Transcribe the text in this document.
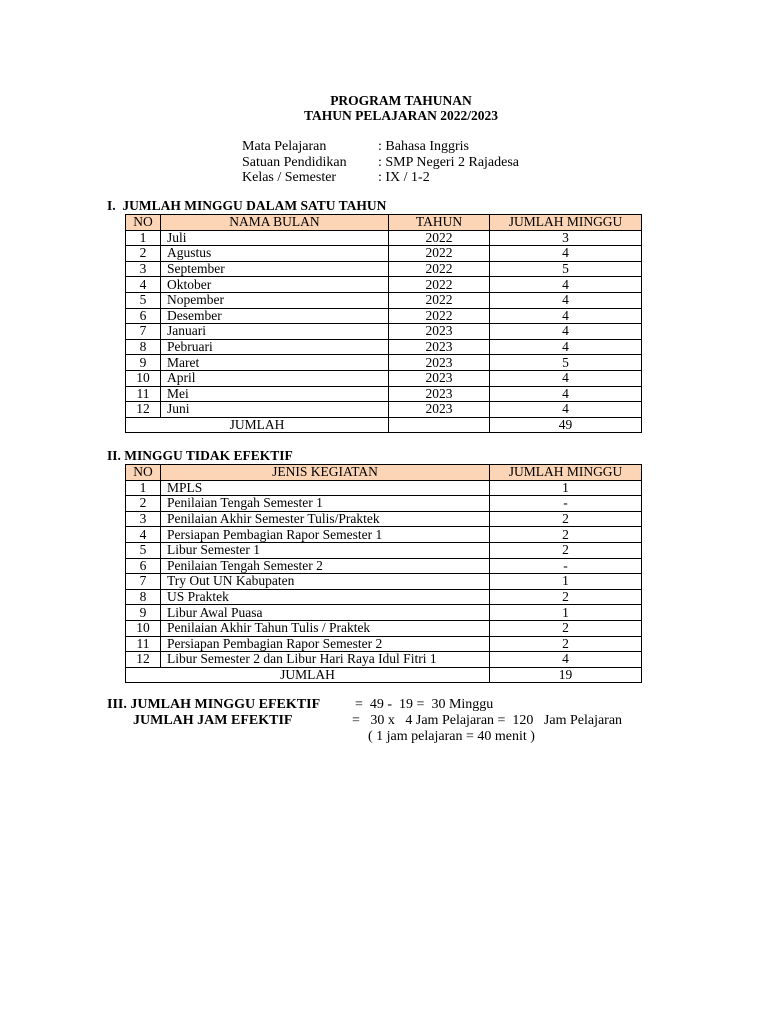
PROGRAM TAHUNAN
TAHUN PELAJARAN 2022/2023
Mata Pelajaran	: Bahasa Inggris
Satuan Pendidikan	: SMP Negeri 2 Rajadesa
Kelas / Semester	: IX / 1-2
I.  JUMLAH MINGGU DALAM SATU TAHUN
NO	NAMA BULAN	TAHUN	JUMLAH MINGGU
1	Juli	2022	3
2	Agustus	2022	4
3	September	2022	5
4	Oktober	2022	4
5	Nopember	2022	4
6	Desember	2022	4
7	Januari	2023	4
8	Pebruari	2023	4
9	Maret	2023	5
10	April	2023	4
11	Mei	2023	4
12	Juni	2023	4
JUMLAH			49
II. MINGGU TIDAK EFEKTIF
NO	JENIS KEGIATAN	JUMLAH MINGGU
1	MPLS	1
2	Penilaian Tengah Semester 1	-
3	Penilaian Akhir Semester Tulis/Praktek	2
4	Persiapan Pembagian Rapor Semester 1	2
5	Libur Semester 1	2
6	Penilaian Tengah Semester 2	-
7	Try Out UN Kabupaten	1
8	US Praktek	2
9	Libur Awal Puasa	1
10	Penilaian Akhir Tahun Tulis / Praktek	2
11	Persiapan Pembagian Rapor Semester 2	2
12	Libur Semester 2 dan Libur Hari Raya Idul Fitri 1	4
JUMLAH		19
III. JUMLAH MINGGU EFEKTIF =  49 -  19 =  30 Minggu
JUMLAH JAM EFEKTIF	=   30 x   4 Jam Pelajaran =  120   Jam Pelajaran
( 1 jam pelajaran = 40 menit )
